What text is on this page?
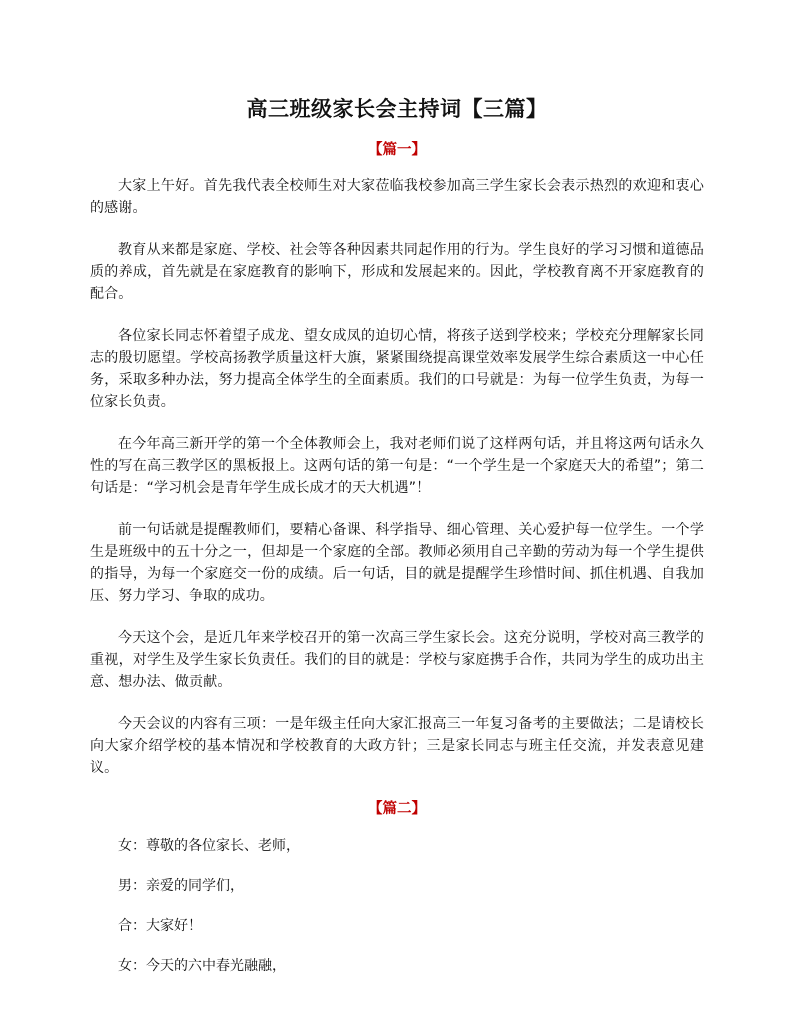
高三班级家长会主持词【三篇】
【篇一】

大家上午好。首先我代表全校师生对大家莅临我校参加高三学生家长会表示热烈的欢迎和衷心的感谢。

教育从来都是家庭、学校、社会等各种因素共同起作用的行为。学生良好的学习习惯和道德品质的养成，首先就是在家庭教育的影响下，形成和发展起来的。因此，学校教育离不开家庭教育的配合。

各位家长同志怀着望子成龙、望女成凤的迫切心情，将孩子送到学校来；学校充分理解家长同志的殷切愿望。学校高扬教学质量这杆大旗，紧紧围绕提高课堂效率发展学生综合素质这一中心任务，采取多种办法，努力提高全体学生的全面素质。我们的口号就是：为每一位学生负责，为每一位家长负责。

在今年高三新开学的第一个全体教师会上，我对老师们说了这样两句话，并且将这两句话永久性的写在高三教学区的黑板报上。这两句话的第一句是：“一个学生是一个家庭天大的希望”；第二句话是：“学习机会是青年学生成长成才的天大机遇”！

前一句话就是提醒教师们，要精心备课、科学指导、细心管理、关心爱护每一位学生。一个学生是班级中的五十分之一，但却是一个家庭的全部。教师必须用自己辛勤的劳动为每一个学生提供的指导，为每一个家庭交一份的成绩。后一句话，目的就是提醒学生珍惜时间、抓住机遇、自我加压、努力学习、争取的成功。

今天这个会，是近几年来学校召开的第一次高三学生家长会。这充分说明，学校对高三教学的重视，对学生及学生家长负责任。我们的目的就是：学校与家庭携手合作，共同为学生的成功出主意、想办法、做贡献。

今天会议的内容有三项：一是年级主任向大家汇报高三一年复习备考的主要做法；二是请校长向大家介绍学校的基本情况和学校教育的大政方针；三是家长同志与班主任交流，并发表意见建议。

【篇二】

女：尊敬的各位家长、老师，

男：亲爱的同学们，

合：大家好！

女：今天的六中春光融融，
